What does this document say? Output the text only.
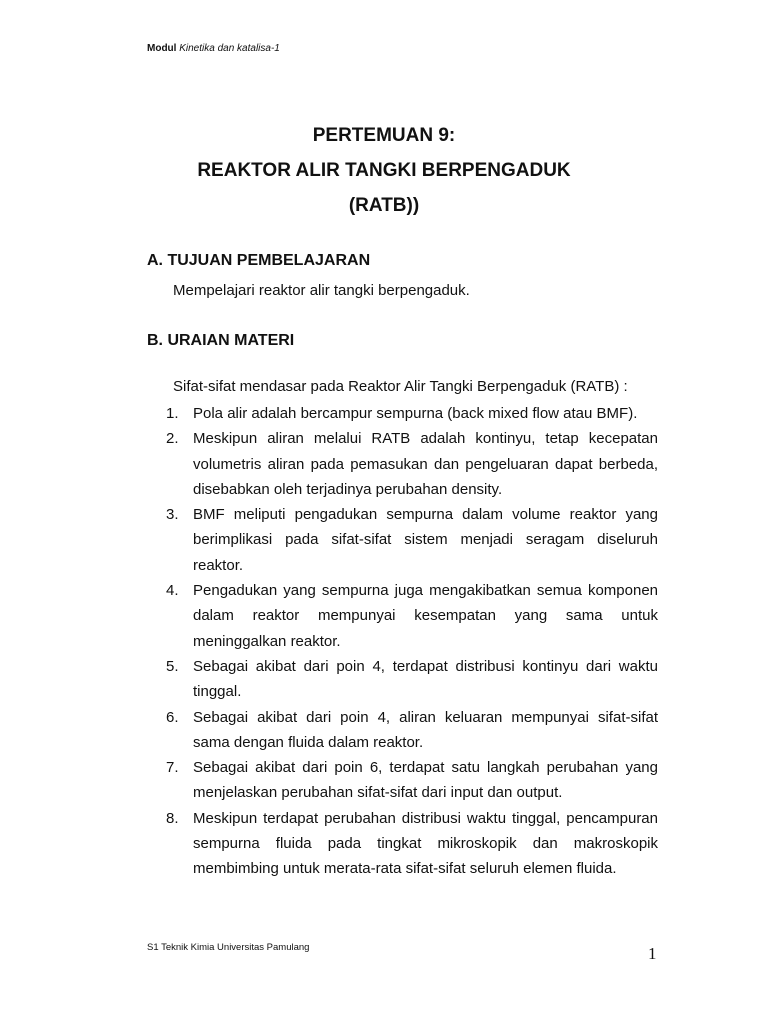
Modul Kinetika dan katalisa-1
PERTEMUAN 9:
REAKTOR ALIR TANGKI BERPENGADUK
(RATB))
A. TUJUAN PEMBELAJARAN
Mempelajari reaktor alir tangki berpengaduk.
B. URAIAN MATERI
Sifat-sifat mendasar pada Reaktor Alir Tangki Berpengaduk (RATB) :
1. Pola alir adalah bercampur sempurna (back mixed flow atau BMF).
2. Meskipun aliran melalui RATB adalah kontinyu, tetap kecepatan volumetris aliran pada pemasukan dan pengeluaran dapat berbeda, disebabkan oleh terjadinya perubahan density.
3. BMF meliputi pengadukan sempurna dalam volume reaktor yang berimplikasi pada sifat-sifat sistem menjadi seragam diseluruh reaktor.
4. Pengadukan yang sempurna juga mengakibatkan semua komponen dalam reaktor mempunyai kesempatan yang sama untuk meninggalkan reaktor.
5. Sebagai akibat dari poin 4, terdapat distribusi kontinyu dari waktu tinggal.
6. Sebagai akibat dari poin 4, aliran keluaran mempunyai sifat-sifat sama dengan fluida dalam reaktor.
7. Sebagai akibat dari poin 6, terdapat satu langkah perubahan yang menjelaskan perubahan sifat-sifat dari input dan output.
8. Meskipun terdapat perubahan distribusi waktu tinggal, pencampuran sempurna fluida pada tingkat mikroskopik dan makroskopik membimbing untuk merata-rata sifat-sifat seluruh elemen fluida.
S1 Teknik Kimia Universitas Pamulang	1
